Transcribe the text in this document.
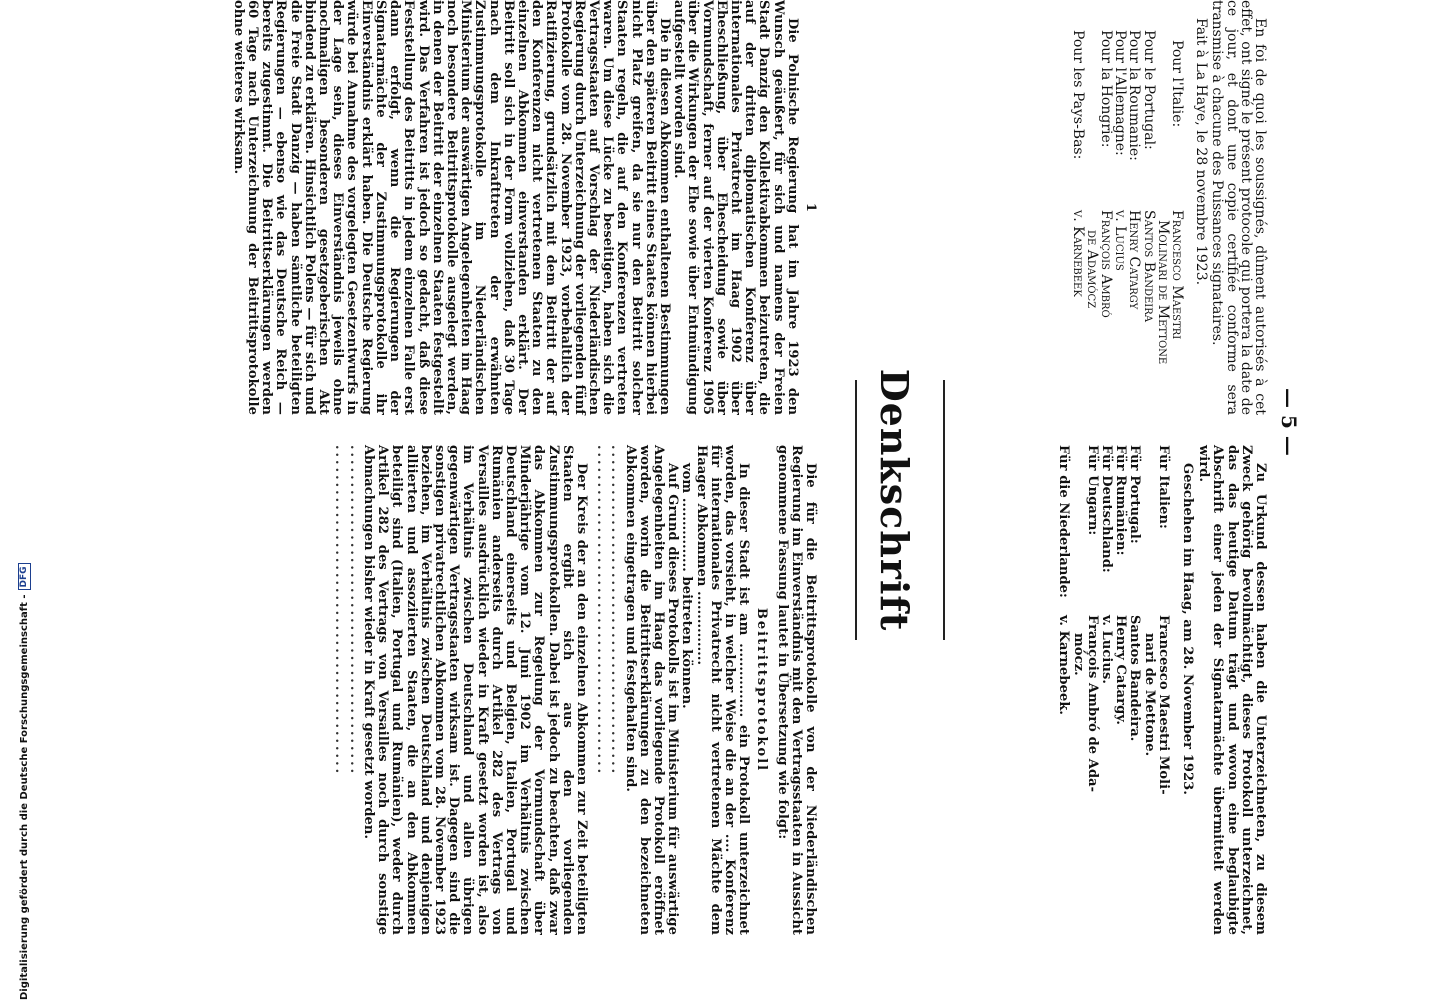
— 5 —

En foi de quoi les soussignés, dûment autorisés à cet effet, ont signé le présent protocole qui portera la date de ce jour, et dont une copie certifiée conforme sera transmise à chacune des Puissances signataires.

Fait à La Haye, le 28 novembre 1923.

Pour l'Italie:
Francesco Maestri
Molinari de Mettone
Pour le Portugal:
Santos Bandeira
Pour la Roumanie:
Henry Catargy
Pour l'Allemagne:
v. Lucius
Pour la Hongrie:
François Ambró
de Adamócz
Pour les Pays-Bas:
v. Karnebeek

Zu Urkund dessen haben die Unterzeichneten, zu diesem Zweck gehörig bevollmächtigt, dieses Protokoll unterzeichnet, das das heutige Datum trägt und wovon eine beglaubigte Abschrift einer jeden der Signatarmächte übermittelt werden wird.

Geschehen im Haag, am 28. November 1923.

Für Italien:
Francesco Maestri Moli-
nari de Mettone.
Für Portugal:
Santos Bandeira.
Für Rumänien:
Henry Catargy.
Für Deutschland:
v. Lucius.
Für Ungarn:
François Ambró de Ada-
mócz.
Für die Niederlande:
v. Karnebeek.
Denkschrift
1

Die Polnische Regierung hat im Jahre 1923 den Wunsch geäußert, für sich und namens der Freien Stadt Danzig den Kollektivabkommen beizutreten, die auf der dritten diplomatischen Konferenz über internationales Privatrecht im Haag 1902 über Eheschließung, über Ehescheidung sowie über Vormundschaft, ferner auf der vierten Konferenz 1905 über die Wirkungen der Ehe sowie über Entmündigung aufgestellt worden sind.

Die in diesen Abkommen enthaltenen Bestimmungen über den späteren Beitritt eines Staates können hierbei nicht Platz greifen, da sie nur den Beitritt solcher Staaten regeln, die auf den Konferenzen vertreten waren. Um diese Lücke zu beseitigen, haben sich die Vertragsstaaten auf Vorschlag der Niederländischen Regierung durch Unterzeichnung der vorliegenden fünf Protokolle vom 28. November 1923, vorbehaltlich der Ratifizierung, grundsätzlich mit dem Beitritt der auf den Konferenzen nicht vertretenen Staaten zu den einzelnen Abkommen einverstanden erklärt. Der Beitritt soll sich in der Form vollziehen, daß 30 Tage nach dem Inkrafttreten der erwähnten Zustimmungsprotokolle im Niederländischen Ministerium der auswärtigen Angelegenheiten im Haag noch besondere Beitrittsprotokolle ausgelegt werden, in denen der Beitritt der einzelnen Staaten festgestellt wird. Das Verfahren ist jedoch so gedacht, daß diese Feststellung des Beitritts in jedem einzelnen Falle erst dann erfolgt, wenn die Regierungen der Signatarmächte der Zustimmungsprotokolle ihr Einverständnis erklärt haben. Die Deutsche Regierung würde bei Annahme des vorgelegten Gesetzentwurfs in der Lage sein, dieses Einverständnis jeweils ohne nochmaligen besonderen gesetzgeberischen Akt bindend zu erklären. Hinsichtlich Polens — für sich und die Freie Stadt Danzig — haben sämtliche beteiligten Regierungen — ebenso wie das Deutsche Reich — bereits zugestimmt. Die Beitrittserklärungen werden 60 Tage nach Unterzeichnung der Beitrittsprotokolle ohne weiteres wirksam.

Die für die Beitrittsprotokolle von der Niederländischen Regierung im Einverständnis mit den Vertragsstaaten in Aussicht genommene Fassung lautet in Übersetzung wie folgt:

Beitrittsprotokoll

In dieser Stadt ist am ................ ein Protokoll unterzeichnet worden, das vorsieht, in welcher Weise die an der .... Konferenz für internationales Privatrecht nicht vertretenen Mächte dem Haager Abkommen ................

vom ................ beitreten können.

Auf Grund dieses Protokolls ist im Ministerium für auswärtige Angelegenheiten im Haag das vorliegende Protokoll eröffnet worden, worin die Beitrittserklärungen zu den bezeichneten Abkommen eingetragen und festgehalten sind.

............................................
............................................

Der Kreis der an den einzelnen Abkommen zur Zeit beteiligten Staaten ergibt sich aus den vorliegenden Zustimmungsprotokollen. Dabei ist jedoch zu beachten, daß zwar das Abkommen zur Regelung der Vormundschaft über Minderjährige vom 12. Juni 1902 im Verhältnis zwischen Deutschland einerseits und Belgien, Italien, Portugal und Rumänien anderseits durch Artikel 282 des Vertrags von Versailles ausdrücklich wieder in Kraft gesetzt worden ist, also im Verhältnis zwischen Deutschland und allen übrigen gegenwärtigen Vertragsstaaten wirksam ist. Dagegen sind die sonstigen privatrechtlichen Abkommen vom 28. November 1923 beziehen, im Verhältnis zwischen Deutschland und denjenigen alliierten und assoziierten Staaten, die an den Abkommen beteiligt sind (Italien, Portugal und Rumänien), weder durch Artikel 282 des Vertrags von Versailles noch durch sonstige Abmachungen bisher wieder in Kraft gesetzt worden.

............................................
............................................
Digitalisierung gefördert durch die Deutsche Forschungsgemeinschaft -
DFG
